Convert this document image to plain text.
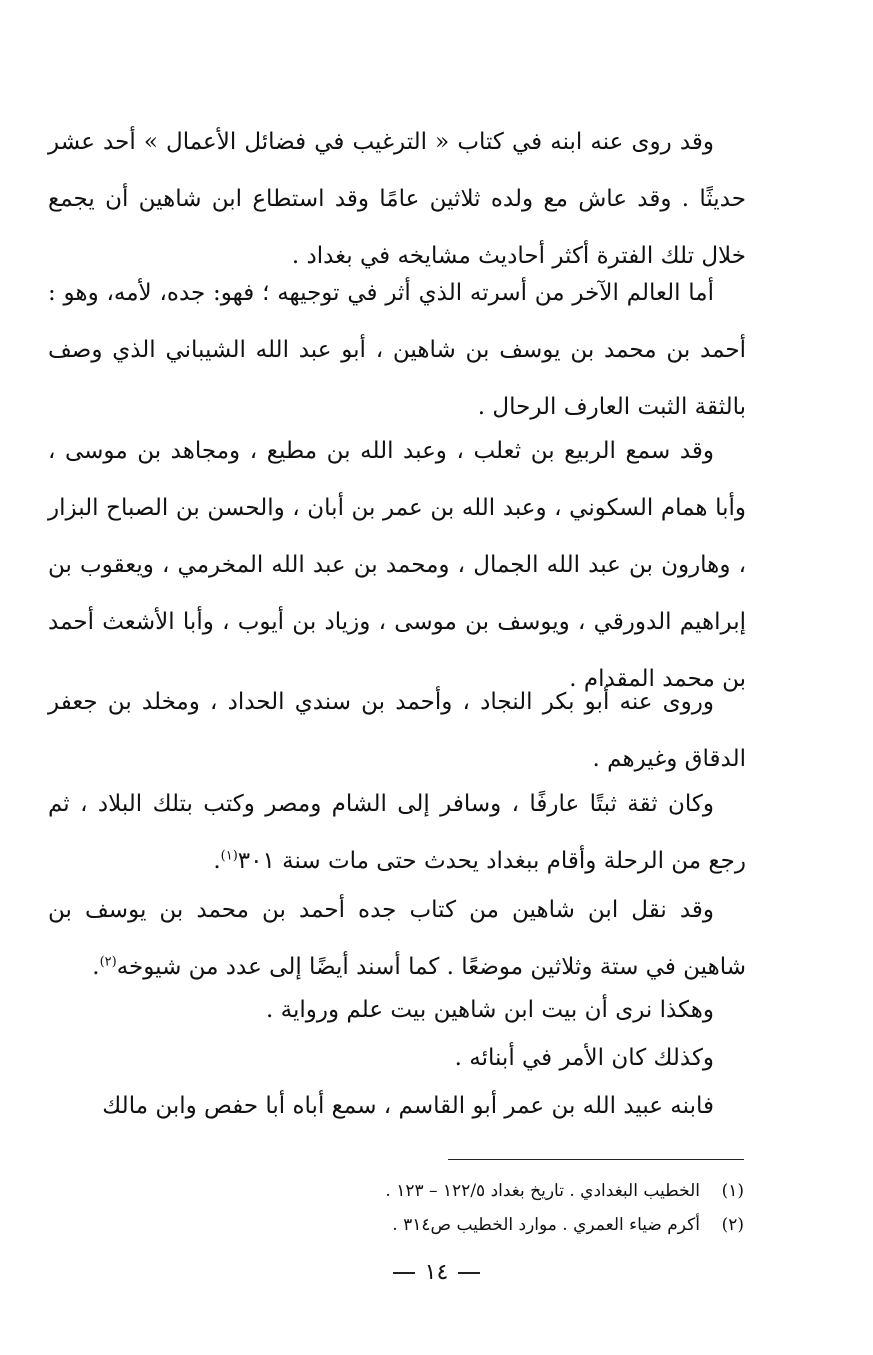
وقد روى عنه ابنه في كتاب « الترغيب في فضائل الأعمال » أحد عشر حديثًا . وقد عاش مع ولده ثلاثين عامًا وقد استطاع ابن شاهين أن يجمع خلال تلك الفترة أكثر أحاديث مشايخه في بغداد .
أما العالم الآخر من أسرته الذي أثر في توجيهه ؛ فهو: جده، لأمه، وهو : أحمد بن محمد بن يوسف بن شاهين ، أبو عبد الله الشيباني الذي وصف بالثقة الثبت العارف الرحال .
وقد سمع الربيع بن ثعلب ، وعبد الله بن مطيع ، ومجاهد بن موسى ، وأبا همام السكوني ، وعبد الله بن عمر بن أبان ، والحسن بن الصباح البزار ، وهارون بن عبد الله الجمال ، ومحمد بن عبد الله المخرمي ، ويعقوب بن إبراهيم الدورقي ، ويوسف بن موسى ، وزياد بن أيوب ، وأبا الأشعث أحمد بن محمد المقدام .
وروى عنه أبو بكر النجاد ، وأحمد بن سندي الحداد ، ومخلد بن جعفر الدقاق وغيرهم .
وكان ثقة ثبتًا عارفًا ، وسافر إلى الشام ومصر وكتب بتلك البلاد ، ثم رجع من الرحلة وأقام ببغداد يحدث حتى مات سنة ٣٠١$^{(١)}$.
وقد نقل ابن شاهين من كتاب جده أحمد بن محمد بن يوسف بن شاهين في ستة وثلاثين موضعًا . كما أسند أيضًا إلى عدد من شيوخه$^{(٢)}$.
وهكذا نرى أن بيت ابن شاهين بيت علم ورواية .
وكذلك كان الأمر في أبنائه .
فابنه عبيد الله بن عمر أبو القاسم ، سمع أباه أبا حفص وابن مالك
(١)الخطيب البغدادي . تاريخ بغداد ١٢٢/٥ – ١٢٣ .
(٢)أكرم ضياء العمري . موارد الخطيب ص٣١٤ .
١٤
